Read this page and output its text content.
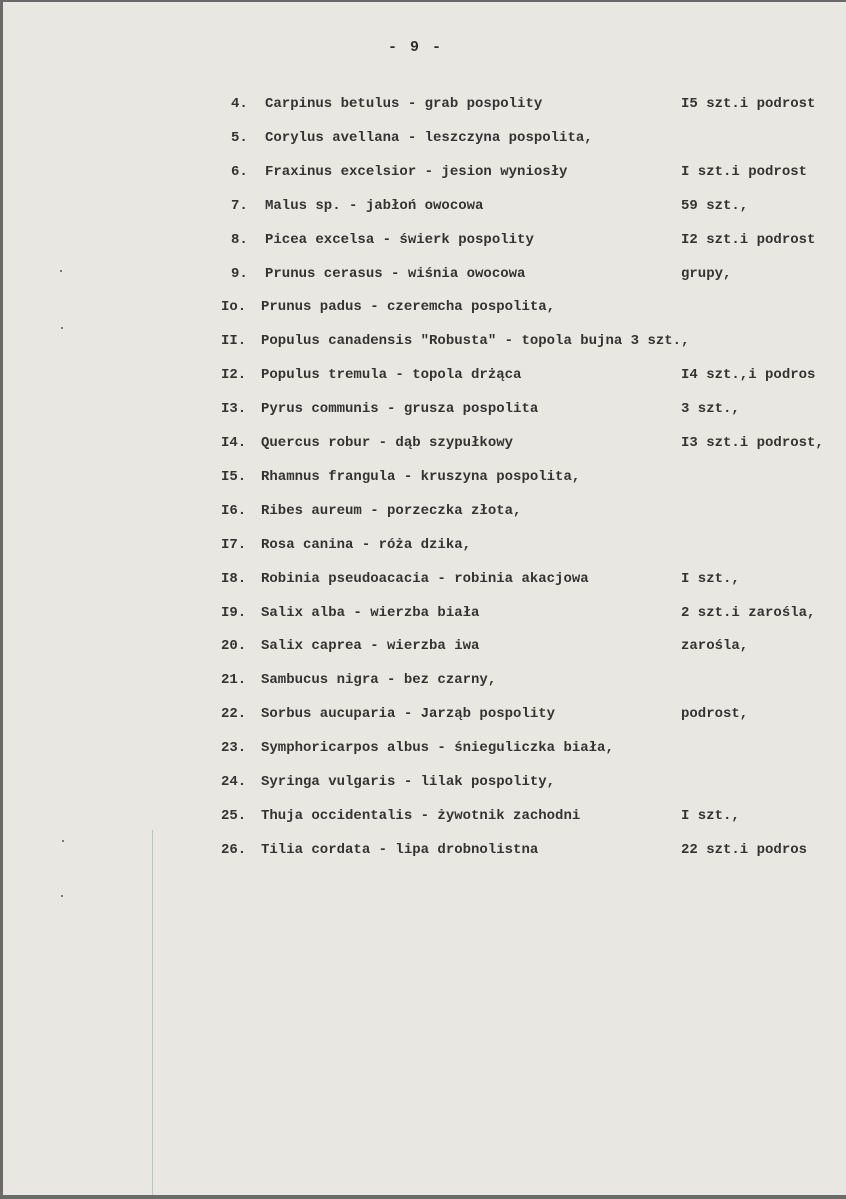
- 9 -
4. Carpinus betulus - grab pospolity	I5 szt.i podrost
5. Corylus avellana - leszczyna pospolita,
6. Fraxinus excelsior - jesion wyniosły	I szt.i podrost
7. Malus sp. - jabłoń owocowa	59 szt.,
8. Picea excelsa - świerk pospolity	I2 szt.i podrost
9. Prunus cerasus - wiśnia owocowa	grupy,
Io. Prunus padus - czeremcha pospolita,
II. Populus canadensis "Robusta" - topola bujna 3 szt.,
I2. Populus tremula - topola drżąca	I4 szt.,i podros
I3. Pyrus communis - grusza pospolita	3 szt.,
I4. Quercus robur - dąb szypułkowy	I3 szt.i podrost,
I5. Rhamnus frangula - kruszyna pospolita,
I6. Ribes aureum - porzeczka złota,
I7. Rosa canina - róża dzika,
I8. Robinia pseudoacacia - robinia akacjowa	I szt.,
I9. Salix alba - wierzba biała	2 szt.i zarośla,
20. Salix caprea - wierzba iwa	zarośla,
21. Sambucus nigra - bez czarny,
22. Sorbus aucuparia - Jarząb pospolity	podrost,
23. Symphoricarpos albus - śnieguliczka biała,
24. Syringa vulgaris - lilak pospolity,
25. Thuja occidentalis - żywotnik zachodni	I szt.,
26. Tilia cordata - lipa drobnolistna	22 szt.i podros
